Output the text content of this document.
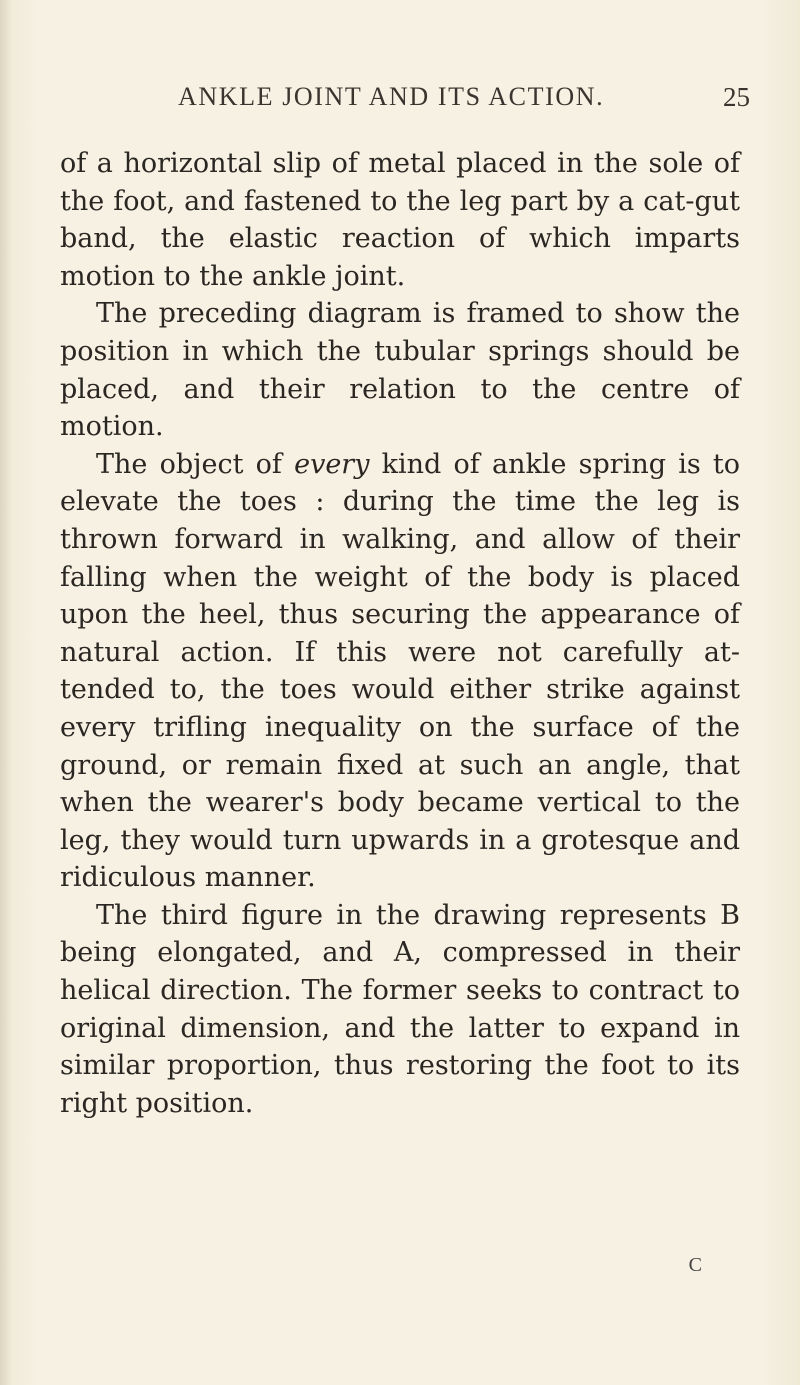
ANKLE JOINT AND ITS ACTION.	25

of a horizontal slip of metal placed in the sole of the foot, and fastened to the leg part by a cat-gut band, the elastic reaction of which imparts motion to the ankle joint.

The preceding diagram is framed to show the position in which the tubular springs should be placed, and their relation to the centre of motion.

The object of every kind of ankle spring is to elevate the toes : during the time the leg is thrown forward in walking, and allow of their falling when the weight of the body is placed upon the heel, thus securing the appearance of natural action. If this were not carefully at-tended to, the toes would either strike against every trifling inequality on the surface of the ground, or remain fixed at such an angle, that when the wearer's body became vertical to the leg, they would turn upwards in a grotesque and ridiculous manner.

The third figure in the drawing represents B being elongated, and A, compressed in their helical direction. The former seeks to contract to original dimension, and the latter to expand in similar proportion, thus restoring the foot to its right position.

C
